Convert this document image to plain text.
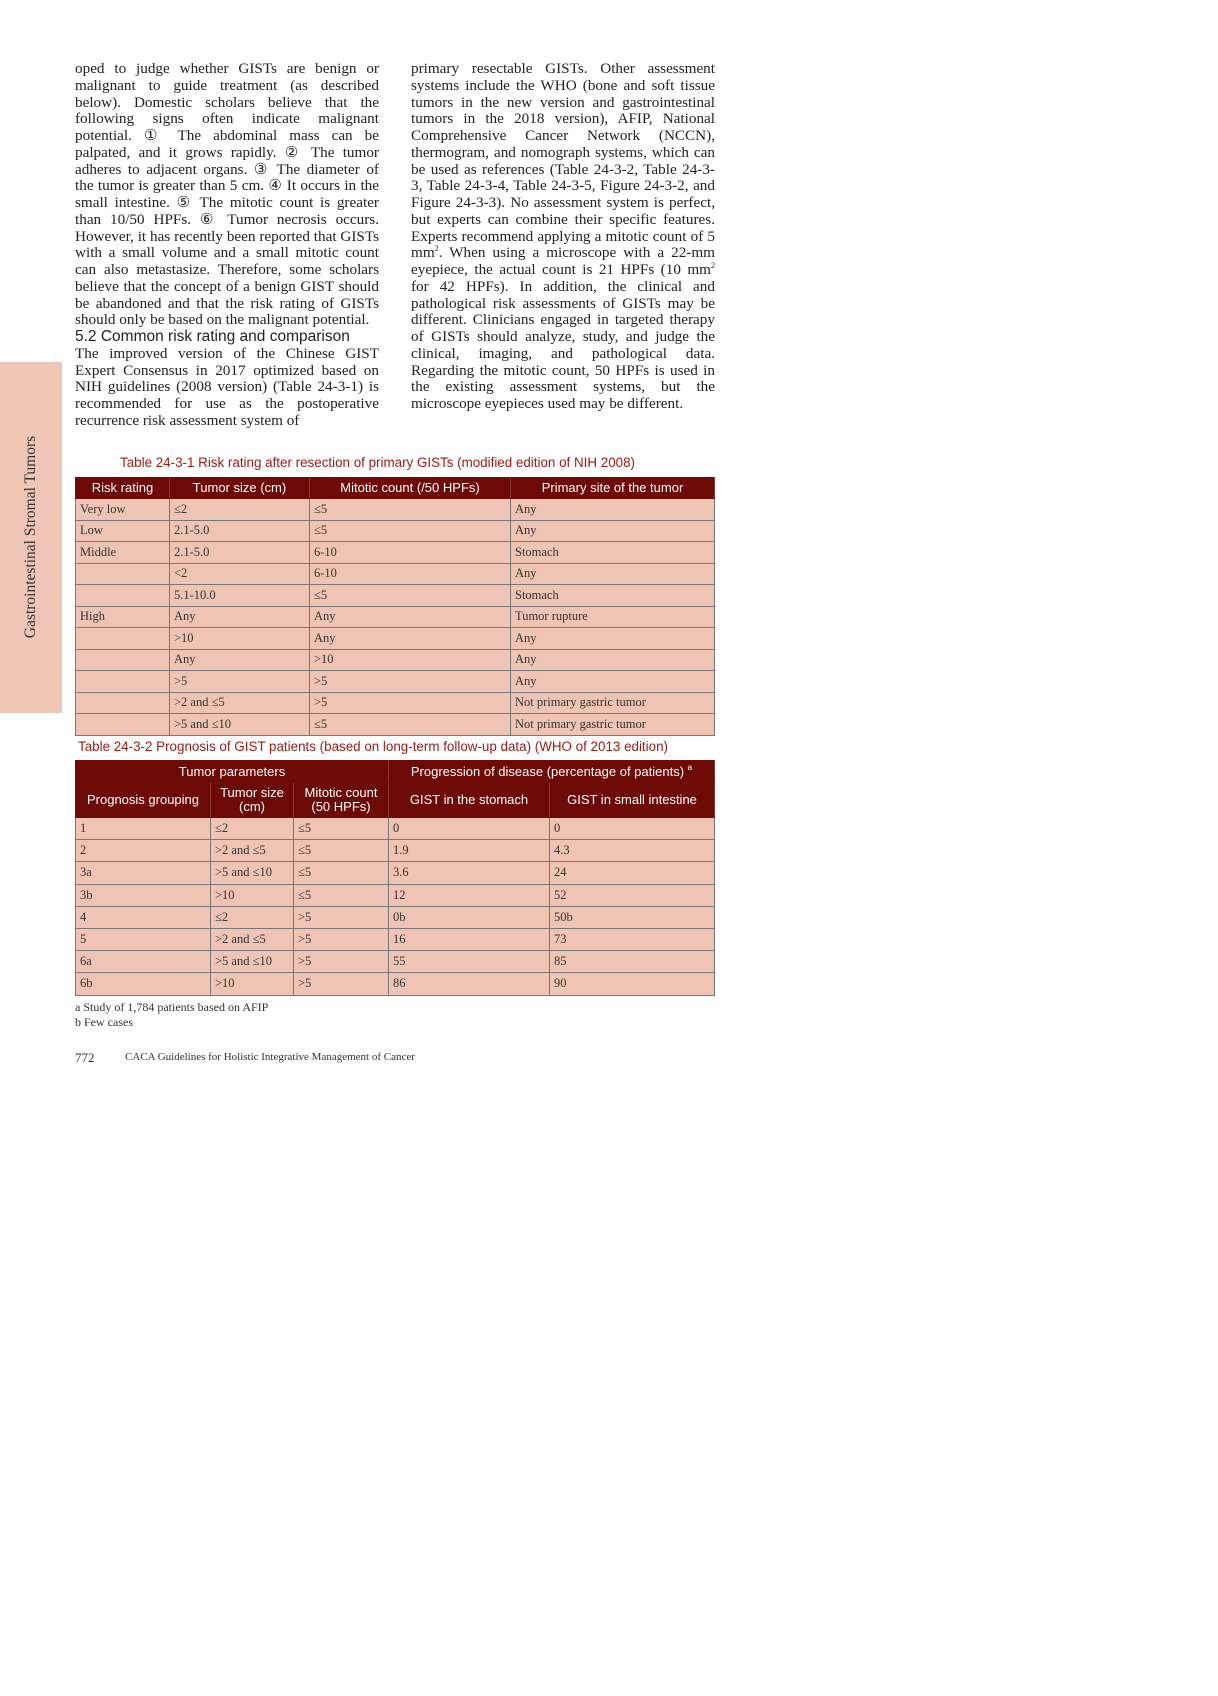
Gastrointestinal Stromal Tumors

oped to judge whether GISTs are benign or malignant to guide treatment (as described below). Domestic scholars believe that the following signs often indicate malignant potential. ① The abdominal mass can be palpated, and it grows rapidly. ② The tumor adheres to adjacent organs. ③ The diameter of the tumor is greater than 5 cm. ④ It occurs in the small intestine. ⑤ The mitotic count is greater than 10/50 HPFs. ⑥ Tumor necrosis occurs. However, it has recently been reported that GISTs with a small volume and a small mitotic count can also metastasize. Therefore, some scholars believe that the concept of a benign GIST should be abandoned and that the risk rating of GISTs should only be based on the malignant potential.

5.2 Common risk rating and comparison

The improved version of the Chinese GIST Expert Consensus in 2017 optimized based on NIH guidelines (2008 version) (Table 24-3-1) is recommended for use as the postoperative recurrence risk assessment system of

primary resectable GISTs. Other assessment systems include the WHO (bone and soft tissue tumors in the new version and gastrointestinal tumors in the 2018 version), AFIP, National Comprehensive Cancer Network (NCCN), thermogram, and nomograph systems, which can be used as references (Table 24-3-2, Table 24-3-3, Table 24-3-4, Table 24-3-5, Figure 24-3-2, and Figure 24-3-3). No assessment system is perfect, but experts can combine their specific features. Experts recommend applying a mitotic count of 5 $mm^2$. When using a microscope with a 22-mm eyepiece, the actual count is 21 HPFs (10 $mm^2$ for 42 HPFs). In addition, the clinical and pathological risk assessments of GISTs may be different. Clinicians engaged in targeted therapy of GISTs should analyze, study, and judge the clinical, imaging, and pathological data. Regarding the mitotic count, 50 HPFs is used in the existing assessment systems, but the microscope eyepieces used may be different.

Table 24-3-1 Risk rating after resection of primary GISTs (modified edition of NIH 2008)
Risk rating	Tumor size (cm)	Mitotic count (/50 HPFs)	Primary site of the tumor
Very low	≤2	≤5	Any
Low	2.1-5.0	≤5	Any
Middle	2.1-5.0	6-10	Stomach
	<2	6-10	Any
	5.1-10.0	≤5	Stomach
High	Any	Any	Tumor rupture
	>10	Any	Any
	Any	>10	Any
	>5	>5	Any
	>2 and ≤5	>5	Not primary gastric tumor
	>5 and ≤10	≤5	Not primary gastric tumor
Table 24-3-2 Prognosis of GIST patients (based on long-term follow-up data) (WHO of 2013 edition)
Tumor parameters			Progression of disease (percentage of patients) $^a$
Prognosis grouping	Tumor size (cm)	Mitotic count (50 HPFs)	GIST in the stomach	GIST in small intestine
1	≤2	≤5	0	0
2	>2 and ≤5	≤5	1.9	4.3
3a	>5 and ≤10	≤5	3.6	24
3b	>10	≤5	12	52
4	≤2	>5	0b	50b
5	>2 and ≤5	>5	16	73
6a	>5 and ≤10	>5	55	85
6b	>10	>5	86	90
a Study of 1,784 patients based on AFIP
b Few cases
772	CACA Guidelines for Holistic Integrative Management of Cancer
